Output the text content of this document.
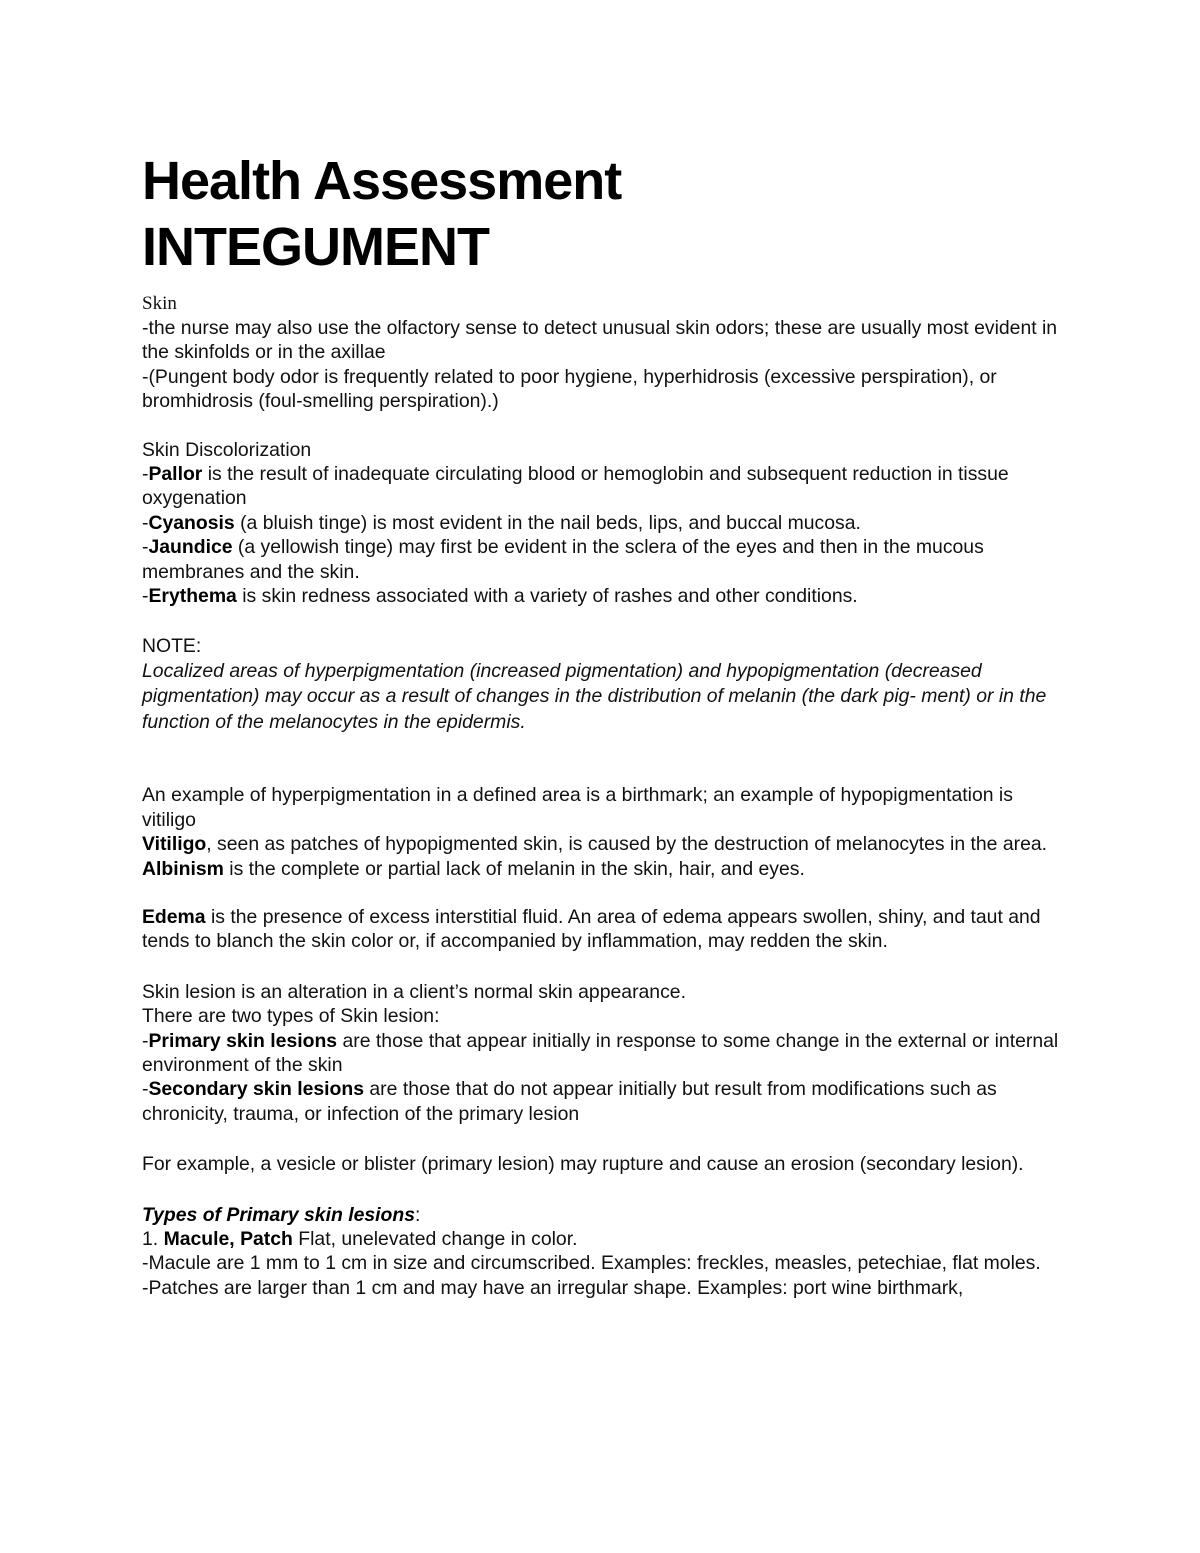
Health Assessment
INTEGUMENT
Skin

-the nurse may also use the olfactory sense to detect unusual skin odors; these are usually most evident in the skinfolds or in the axillae

-(Pungent body odor is frequently related to poor hygiene, hyperhidrosis (excessive perspiration), or bromhidrosis (foul-smelling perspiration).)

Skin Discolorization

-Pallor is the result of inadequate circulating blood or hemoglobin and subsequent reduction in tissue oxygenation

-Cyanosis (a bluish tinge) is most evident in the nail beds, lips, and buccal mucosa.

-Jaundice (a yellowish tinge) may first be evident in the sclera of the eyes and then in the mucous membranes and the skin.

-Erythema is skin redness associated with a variety of rashes and other conditions.

NOTE:

Localized areas of hyperpigmentation (increased pigmentation) and hypopigmentation (decreased pigmentation) may occur as a result of changes in the distribution of melanin (the dark pig- ment) or in the function of the melanocytes in the epidermis.

An example of hyperpigmentation in a defined area is a birthmark; an example of hypopigmentation is vitiligo

Vitiligo, seen as patches of hypopigmented skin, is caused by the destruction of melanocytes in the area.

Albinism is the complete or partial lack of melanin in the skin, hair, and eyes.

Edema is the presence of excess interstitial fluid. An area of edema appears swollen, shiny, and taut and tends to blanch the skin color or, if accompanied by inflammation, may redden the skin.

Skin lesion is an alteration in a client’s normal skin appearance.

There are two types of Skin lesion:

-Primary skin lesions are those that appear initially in response to some change in the external or internal environment of the skin

-Secondary skin lesions are those that do not appear initially but result from modifications such as chronicity, trauma, or infection of the primary lesion

For example, a vesicle or blister (primary lesion) may rupture and cause an erosion (secondary lesion).

Types of Primary skin lesions:

1. Macule, Patch Flat, unelevated change in color.

-Macule are 1 mm to 1 cm in size and circumscribed. Examples: freckles, measles, petechiae, flat moles.

-Patches are larger than 1 cm and may have an irregular shape. Examples: port wine birthmark,
